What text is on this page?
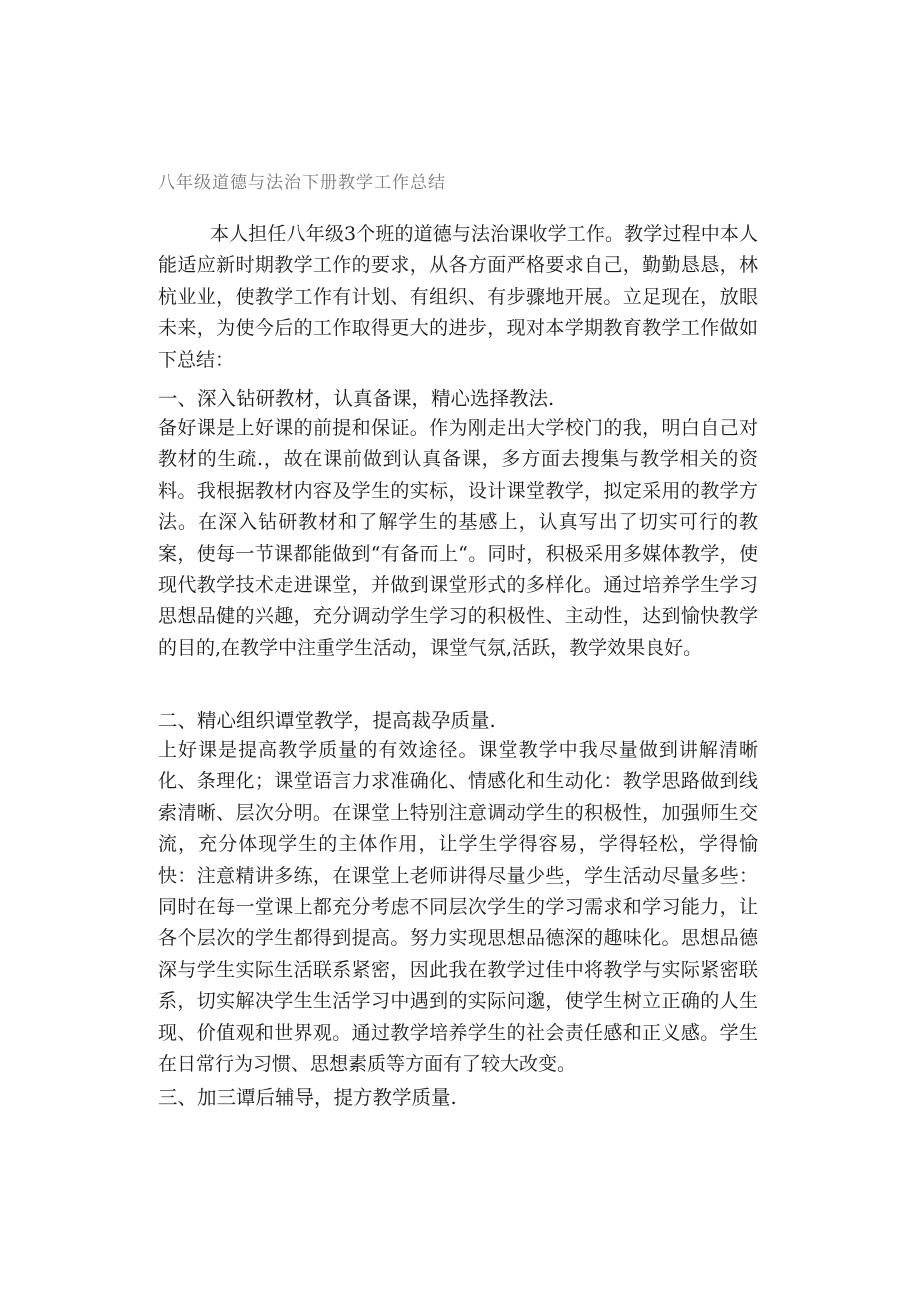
八年级道德与法治下册教学工作总结

本人担任八年级3个班的道德与法治课收学工作。教学过程中本人能适应新时期教学工作的要求，从各方面严格要求自己，勤勤恳恳，林杭业业，使教学工作有计划、有组织、有步骤地开展。立足现在，放眼未来，为使今后的工作取得更大的进步，现对本学期教育教学工作做如下总结：

一、深入钻研教材，认真备课，精心选择教法.

备好课是上好课的前提和保证。作为刚走出大学校门的我，明白自己对教材的生疏.，故在课前做到认真备课，多方面去搜集与教学相关的资料。我根据教材内容及学生的实标，设计课堂教学，拟定采用的教学方法。在深入钻研教材和了解学生的基感上，认真写出了切实可行的教案，使每一节课都能做到“有备而上“。同时，积极采用多媒体教学，使现代教学技术走进课堂，并做到课堂形式的多样化。通过培养学生学习思想品健的兴趣，充分调动学生学习的积极性、主动性，达到愉快教学的目的,在教学中注重学生活动，课堂气氛,活跃，教学效果良好。

二、精心组织谭堂教学，提高裁孕质量.

上好课是提高教学质量的有效途径。课堂教学中我尽量做到讲解清晰化、条理化；课堂语言力求准确化、情感化和生动化：教学思路做到线索清晰、层次分明。在课堂上特别注意调动学生的积极性，加强师生交流，充分体现学生的主体作用，让学生学得容易，学得轻松，学得愉快：注意精讲多练，在课堂上老师讲得尽量少些，学生活动尽量多些：同时在每一堂课上都充分考虑不同层次学生的学习需求和学习能力，让各个层次的学生都得到提高。努力实现思想品德深的趣味化。思想品德深与学生实际生活联系紧密，因此我在教学过佳中将教学与实际紧密联系，切实解决学生生活学习中遇到的实际问邈，使学生树立正确的人生现、价值观和世界观。通过教学培养学生的社会责任感和正义感。学生在日常行为习惯、思想素质等方面有了较大改变。

三、加三谭后辅导，提方教学质量.
